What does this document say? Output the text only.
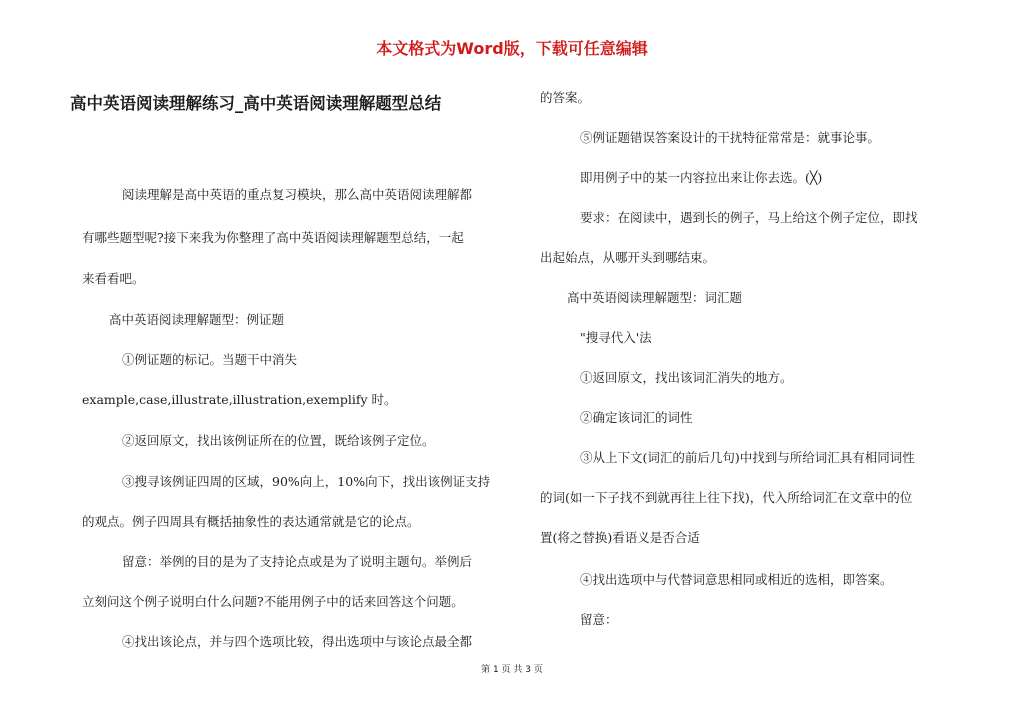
本文格式为Word版，下载可任意编辑
高中英语阅读理解练习_高中英语阅读理解题型总结

阅读理解是高中英语的重点复习模块，那么高中英语阅读理解都

有哪些题型呢?接下来我为你整理了高中英语阅读理解题型总结，一起

来看看吧。

高中英语阅读理解题型：例证题

①例证题的标记。当题干中消失

example,case,illustrate,illustration,exemplify 时。

②返回原文，找出该例证所在的位置，既给该例子定位。

③搜寻该例证四周的区域，90%向上，10%向下，找出该例证支持

的观点。例子四周具有概括抽象性的表达通常就是它的论点。

留意：举例的目的是为了支持论点或是为了说明主题句。举例后

立刻问这个例子说明白什么问题?不能用例子中的话来回答这个问题。

④找出该论点，并与四个选项比较，得出选项中与该论点最全都

的答案。

⑤例证题错误答案设计的干扰特征常常是：就事论事。

即用例子中的某一内容拉出来让你去选。(╳)

要求：在阅读中，遇到长的例子，马上给这个例子定位，即找

出起始点，从哪开头到哪结束。

高中英语阅读理解题型：词汇题

"搜寻代入'法

①返回原文，找出该词汇消失的地方。

②确定该词汇的词性

③从上下文(词汇的前后几句)中找到与所给词汇具有相同词性

的词(如一下子找不到就再往上往下找)，代入所给词汇在文章中的位

置(将之替换)看语义是否合适

④找出选项中与代替词意思相同或相近的选相，即答案。

留意：

第 1 页 共 3 页
